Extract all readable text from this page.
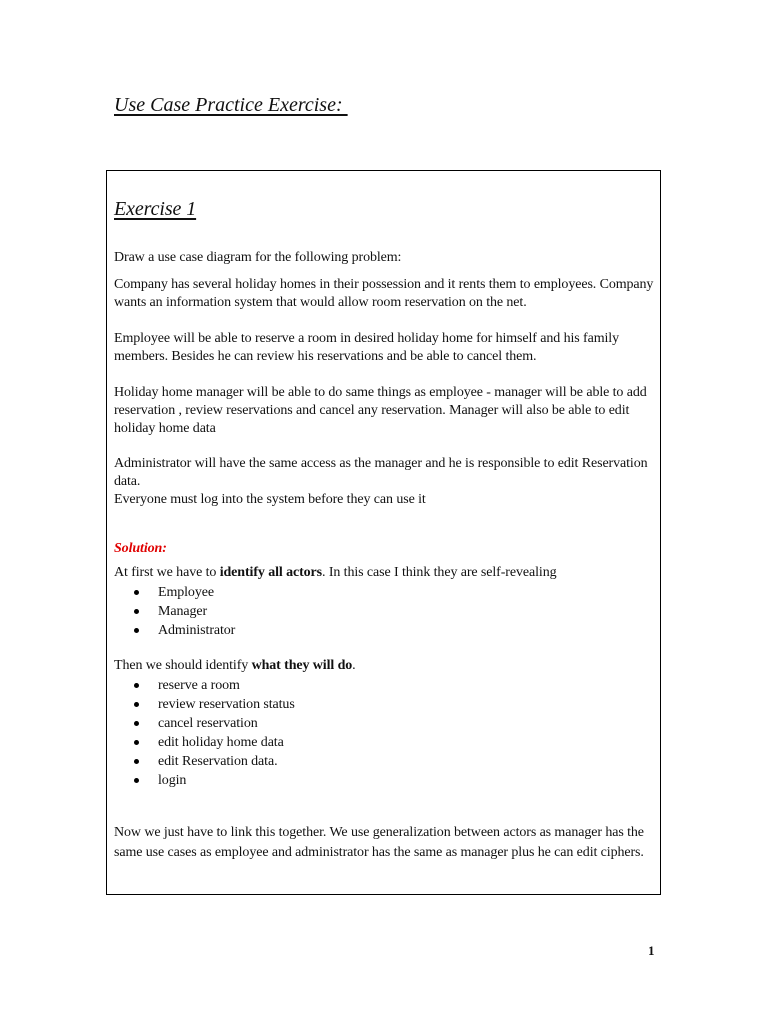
Use Case Practice Exercise:
Exercise 1

Draw a use case diagram for the following problem:

Company has several holiday homes in their possession and it rents them to employees. Company wants an information system that would allow room reservation on the net.

Employee will be able to reserve a room in desired holiday home for himself and his family members. Besides he can review his reservations and be able to cancel them.

Holiday home manager will be able to do same things as employee - manager will be able to add reservation , review reservations and cancel any reservation. Manager will also be able to edit holiday home data

Administrator will have the same access as the manager and he is responsible to edit Reservation data.

Everyone must log into the system before they can use it

Solution:

At first we have to identify all actors. In this case I think they are self-revealing

Employee
Manager
Administrator

Then we should identify what they will do.

reserve a room
review reservation status
cancel reservation
edit holiday home data
edit Reservation data.
login

Now we just have to link this together. We use generalization between actors as manager has the same use cases as employee and administrator has the same as manager plus he can edit ciphers.

1
